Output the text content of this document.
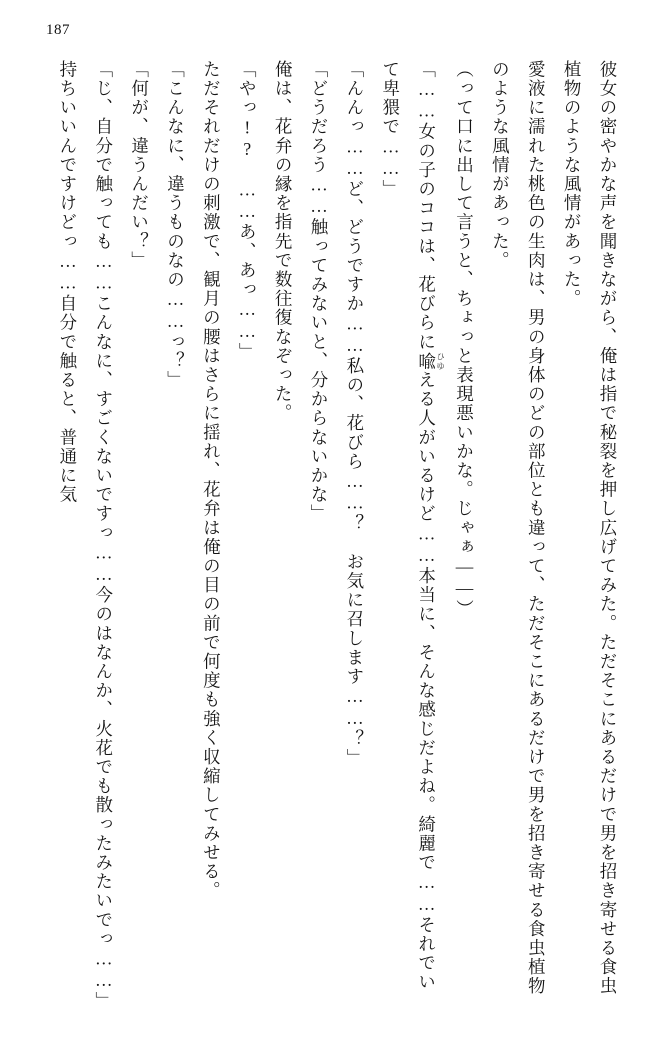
187

彼女の密やかな声を聞きながら、俺は指で秘裂を押し広げてみた。ただそこにあるだけで男を招き寄せる食虫植物のような風情があった。

愛液に濡れた桃色の生肉は、男の身体のどの部位とも違って、ただそこにあるだけで男を招き寄せる食虫植物のような風情があった。

（って口に出して言うと、ちょっと表現悪いかな。じゃぁ――）

「……女の子のココは、花びらに喩 ひゆえる人がいるけど……本当に、そんな感じだよね。綺麗で……それでいて卑猥で……」

「んんっ……ど、どうですか……私の、花びら……？　お気に召します……？」

「どうだろう……触ってみないと、分からないかな」

俺は、花弁の縁を指先で数往復なぞった。

「やっ!?　……あ、あっ……」

ただそれだけの刺激で、観月の腰はさらに揺れ、花弁は俺の目の前で何度も強く収縮してみせる。

「こんなに、違うものなの……っ？」

「何が、違うんだい？」

「じ、自分で触っても……こんなに、すごくないですっ……今のはなんか、火花でも散ったみたいでっ……」

持ちいいんですけどっ……自分で触ると、普通に気
